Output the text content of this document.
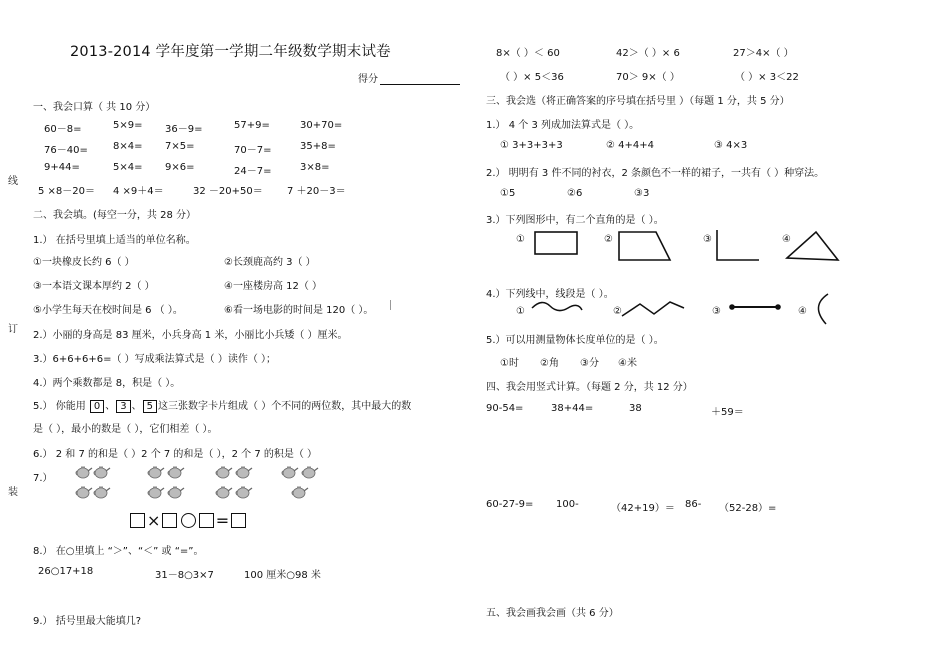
2013-2014 学年度第一学期二年级数学期末试卷
得分
线
订
装
一、我会口算（ 共 10 分）
60－8=	5×9= 36－9=	57+9=	30+70=
76－40=	8×4= 7×5=	70－7=	35+8=
9+44=	5×4= 9×6=	24－7=	3×8=
5 ×8－20＝ 4 ×9＋4＝	32 －20+50＝ 7 ＋20－3＝
二、我会填。(每空一分，共 28 分）
1.） 在括号里填上适当的单位名称。
①一块橡皮长约 6（ ）	②长颈鹿高约 3（ ）
③一本语文课本厚约 2（ ）	④一座楼房高 12（ ）
⑤小学生每天在校时间是 6 （ ）。	⑥看一场电影的时间是 120（ ）。
2.）小丽的身高是 83 厘米，小兵身高 1 米，小丽比小兵矮（ ）厘米。
3.）6+6+6+6=（ ）写成乘法算式是（ ）读作（ ）；
4.）两个乘数都是 8，积是（ ）。
5.） 你能用 0 、 3 、 5 这三张数字卡片组成（ ）个不同的两位数，其中最大的数
是（ ），最小的数是（ ），它们相差（ ）。
6.） 2 和 7 的和是（ ）2 个 7 的和是（ ），2 个 7 的积是（ ）
7.）
×	=
8.） 在○里填上 “＞”、“＜” 或 “=”。
26○17+18	31－8○3×7	100 厘米○98 米
9.） 括号里最大能填几?
8×（ ）＜ 60	42＞（ ）× 6	27＞4×（ ）
（ ）× 5＜36	70＞ 9×（ ）	（ ）× 3＜22
三、我会选（将正确答案的序号填在括号里 ）（每题 1 分，共 5 分）
1.） 4 个 3 列成加法算式是（ ）。
① 3+3+3+3	② 4+4+4	③ 4×3
2.） 明明有 3 件不同的衬衣，2 条颜色不一样的裙子，一共有（ ）种穿法。
①5	②6	③3
3.）下列图形中，有二个直角的是（ ）。
①	②	③	④
4.）下列线中，线段是（ ）。
①	②	③	④
5.）可以用测量物体长度单位的是（ ）。
①时 ②角 ③分 ④米
四、我会用竖式计算。（每题 2 分，共 12 分）
90-54=	38+44=	38	＋59＝
60-27-9= 100-	（42+19）＝ 86- （52-28）=
五、我会画我会画（共 6 分）
